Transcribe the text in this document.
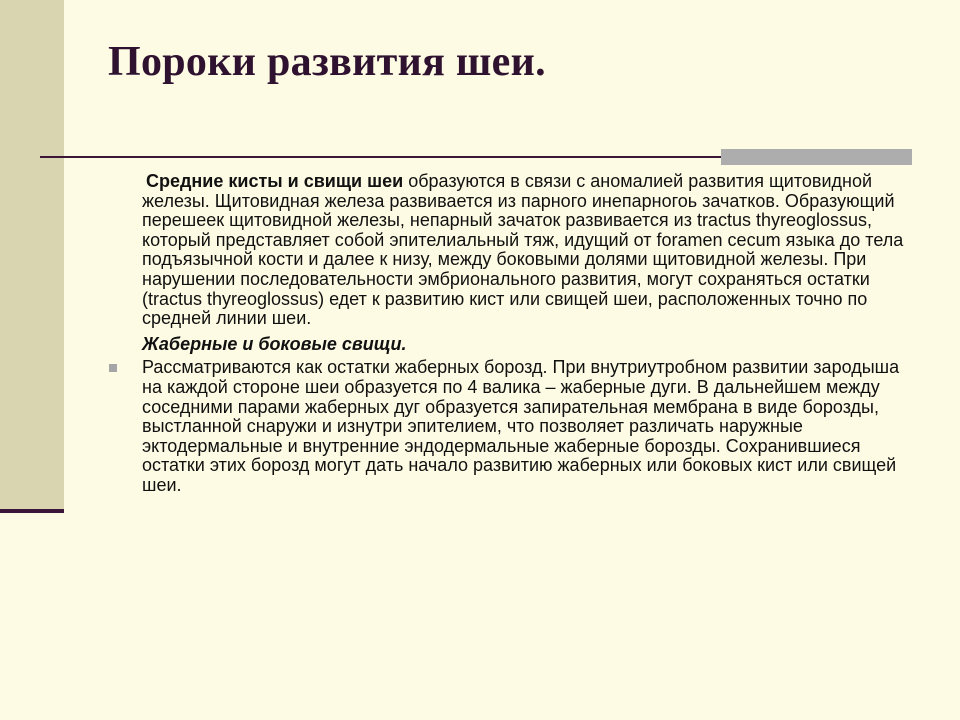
Пороки развития шеи.

Средние кисты и свищи шеи образуются в связи с аномалией развития щитовидной железы. Щитовидная железа развивается из парного инепарногоь зачатков. Образующий перешеек щитовидной железы, непарный зачаток развивается из tractus thyreoglossus, который представляет собой эпителиальный тяж, идущий от foramen cecum языка до тела подъязычной кости и далее к низу, между боковыми долями щитовидной железы. При нарушении последовательности эмбрионального развития, могут сохраняться остатки (tractus thyreoglossus) едет к развитию кист или свищей шеи, расположенных точно по средней линии шеи.

Жаберные и боковые свищи.

Рассматриваются как остатки жаберных борозд. При внутриутробном развитии зародыша на каждой стороне шеи образуется по 4 валика – жаберные дуги. В дальнейшем между соседними парами жаберных дуг образуется запирательная мембрана в виде борозды, выстланной снаружи и изнутри эпителием, что позволяет различать наружные эктодермальные и внутренние эндодермальные жаберные борозды. Сохранившиеся остатки этих борозд могут дать начало развитию жаберных или боковых кист или свищей шеи.
